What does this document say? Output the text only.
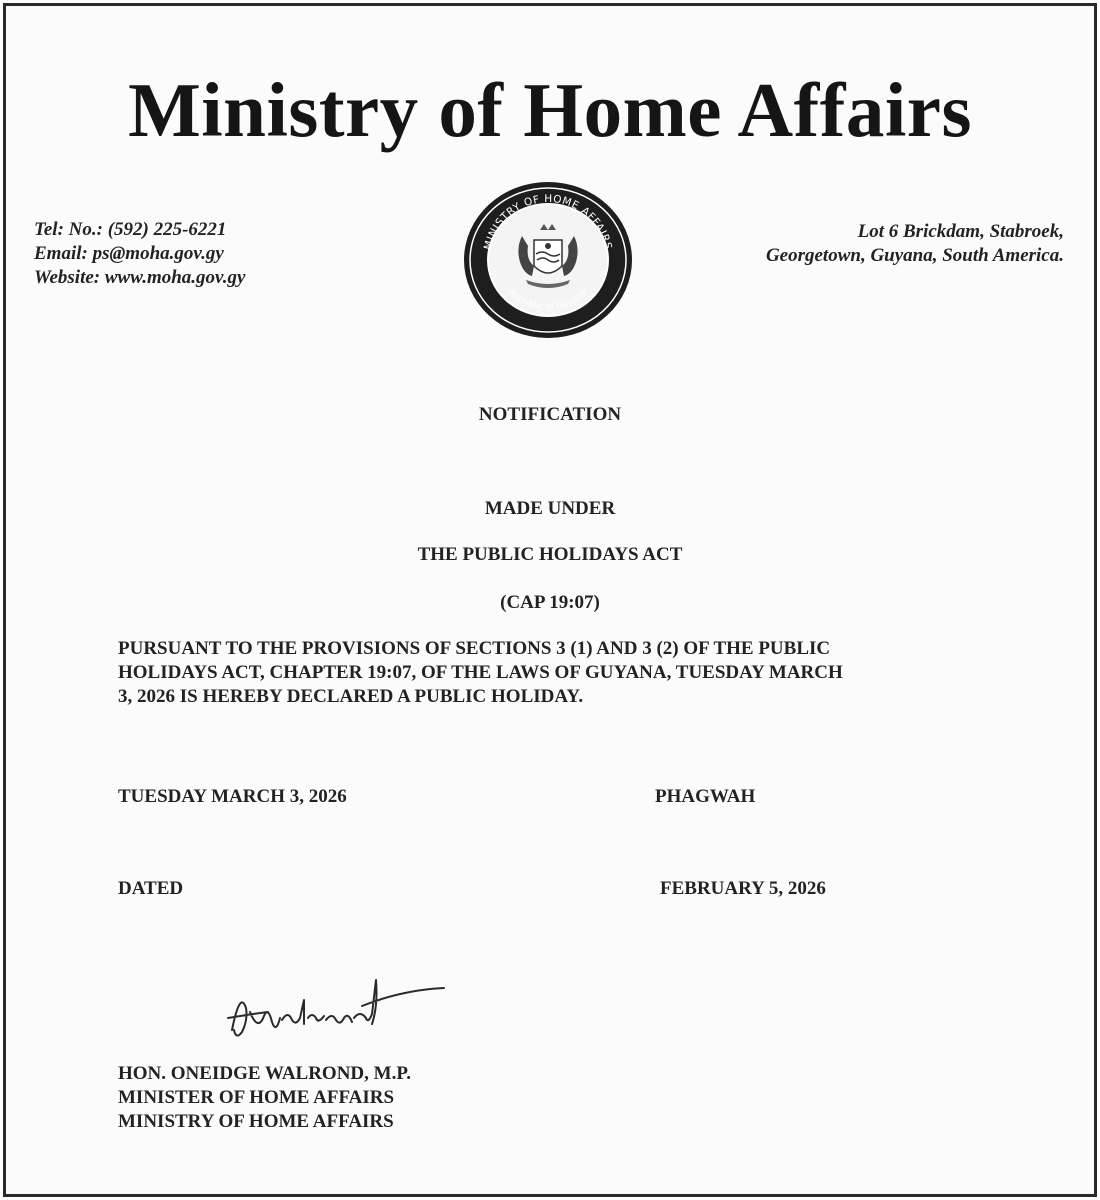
Ministry of Home Affairs
Tel: No.: (592) 225-6221
Email: ps@moha.gov.gy
Website: www.moha.gov.gy
MINISTRY OF HOME AFFAIRS
Republic of Guyana
Lot 6 Brickdam, Stabroek,
Georgetown, Guyana, South America.
NOTIFICATION
MADE UNDER
THE PUBLIC HOLIDAYS ACT
(CAP 19:07)
PURSUANT TO THE PROVISIONS OF SECTIONS 3 (1) AND 3 (2) OF THE PUBLIC
HOLIDAYS ACT, CHAPTER 19:07, OF THE LAWS OF GUYANA, TUESDAY MARCH
3, 2026 IS HEREBY DECLARED A PUBLIC HOLIDAY.
TUESDAY MARCH 3, 2026	PHAGWAH
DATED	FEBRUARY 5, 2026
HON. ONEIDGE WALROND, M.P.
MINISTER OF HOME AFFAIRS
MINISTRY OF HOME AFFAIRS
